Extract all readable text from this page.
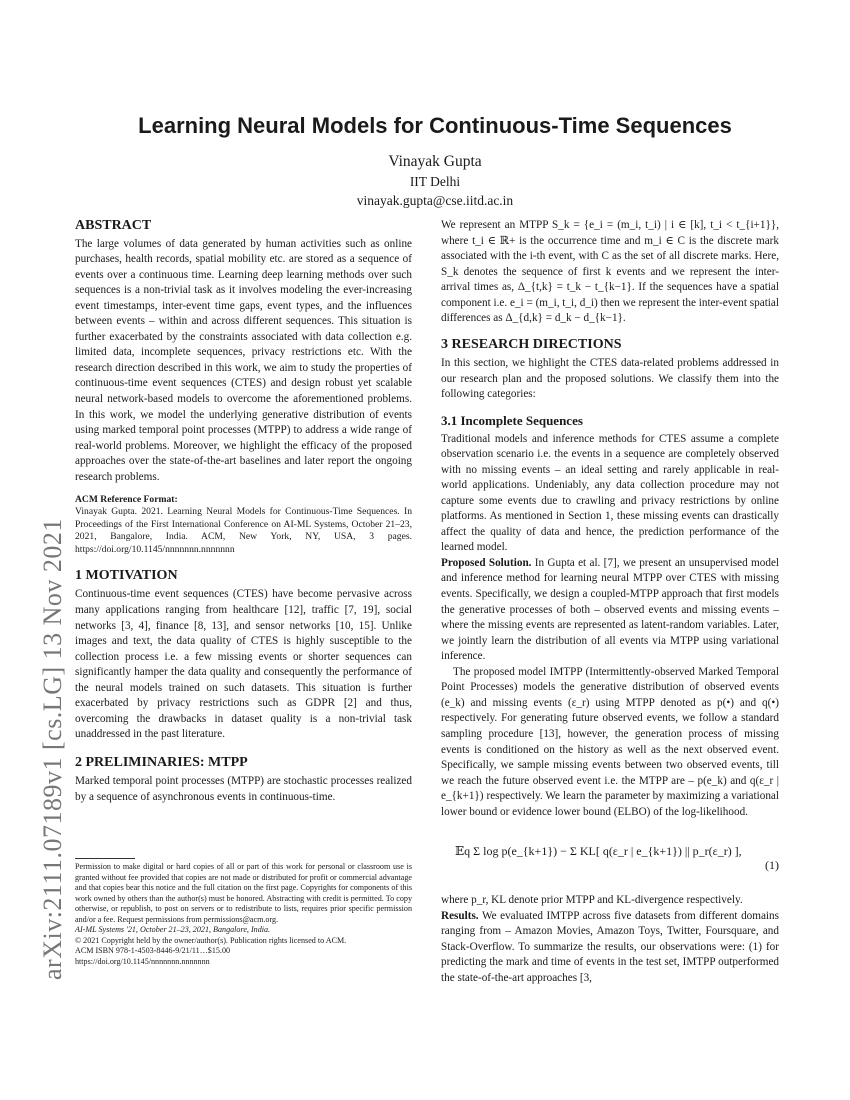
arXiv:2111.07189v1 [cs.LG] 13 Nov 2021
Learning Neural Models for Continuous-Time Sequences
Vinayak Gupta
IIT Delhi
vinayak.gupta@cse.iitd.ac.in
ABSTRACT

The large volumes of data generated by human activities such as online purchases, health records, spatial mobility etc. are stored as a sequence of events over a continuous time. Learning deep learning methods over such sequences is a non-trivial task as it involves modeling the ever-increasing event timestamps, inter-event time gaps, event types, and the influences between events – within and across different sequences. This situation is further exacerbated by the constraints associated with data collection e.g. limited data, incomplete sequences, privacy restrictions etc. With the research direction described in this work, we aim to study the properties of continuous-time event sequences (CTES) and design robust yet scalable neural network-based models to overcome the aforementioned problems. In this work, we model the underlying generative distribution of events using marked temporal point processes (MTPP) to address a wide range of real-world problems. Moreover, we highlight the efficacy of the proposed approaches over the state-of-the-art baselines and later report the ongoing research problems.

ACM Reference Format:

Vinayak Gupta. 2021. Learning Neural Models for Continuous-Time Sequences. In Proceedings of the First International Conference on AI-ML Systems, October 21–23, 2021, Bangalore, India. ACM, New York, NY, USA, 3 pages. https://doi.org/10.1145/nnnnnnn.nnnnnnn

1 MOTIVATION

Continuous-time event sequences (CTES) have become pervasive across many applications ranging from healthcare [12], traffic [7, 19], social networks [3, 4], finance [8, 13], and sensor networks [10, 15]. Unlike images and text, the data quality of CTES is highly susceptible to the collection process i.e. a few missing events or shorter sequences can significantly hamper the data quality and consequently the performance of the neural models trained on such datasets. This situation is further exacerbated by privacy restrictions such as GDPR [2] and thus, overcoming the drawbacks in dataset quality is a non-trivial task unaddressed in the past literature.

2 PRELIMINARIES: MTPP

Marked temporal point processes (MTPP) are stochastic processes realized by a sequence of asynchronous events in continuous-time.

Permission to make digital or hard copies of all or part of this work for personal or classroom use is granted without fee provided that copies are not made or distributed for profit or commercial advantage and that copies bear this notice and the full citation on the first page. Copyrights for components of this work owned by others than the author(s) must be honored. Abstracting with credit is permitted. To copy otherwise, or republish, to post on servers or to redistribute to lists, requires prior specific permission and/or a fee. Request permissions from permissions@acm.org.

AI-ML Systems '21, October 21–23, 2021, Bangalore, India.

© 2021 Copyright held by the owner/author(s). Publication rights licensed to ACM.

ACM ISBN 978-1-4503-8446-9/21/11…$15.00

https://doi.org/10.1145/nnnnnnn.nnnnnnn

We represent an MTPP S_k = {e_i = (m_i, t_i) | i ∈ [k], t_i < t_{i+1}}, where t_i ∈ ℝ+ is the occurrence time and m_i ∈ C is the discrete mark associated with the i-th event, with C as the set of all discrete marks. Here, S_k denotes the sequence of first k events and we represent the inter-arrival times as, Δ_{t,k} = t_k − t_{k−1}. If the sequences have a spatial component i.e. e_i = (m_i, t_i, d_i) then we represent the inter-event spatial differences as Δ_{d,k} = d_k − d_{k−1}.

3 RESEARCH DIRECTIONS

In this section, we highlight the CTES data-related problems addressed in our research plan and the proposed solutions. We classify them into the following categories:

3.1 Incomplete Sequences

Traditional models and inference methods for CTES assume a complete observation scenario i.e. the events in a sequence are completely observed with no missing events – an ideal setting and rarely applicable in real-world applications. Undeniably, any data collection procedure may not capture some events due to crawling and privacy restrictions by online platforms. As mentioned in Section 1, these missing events can drastically affect the quality of data and hence, the prediction performance of the learned model.

Proposed Solution. In Gupta et al. [7], we present an unsupervised model and inference method for learning neural MTPP over CTES with missing events. Specifically, we design a coupled-MTPP approach that first models the generative processes of both – observed events and missing events – where the missing events are represented as latent-random variables. Later, we jointly learn the distribution of all events via MTPP using variational inference.

The proposed model IMTPP (Intermittently-observed Marked Temporal Point Processes) models the generative distribution of observed events (e_k) and missing events (ε_r) using MTPP denoted as p(•) and q(•) respectively. For generating future observed events, we follow a standard sampling procedure [13], however, the generation process of missing events is conditioned on the history as well as the next observed event. Specifically, we sample missing events between two observed events, till we reach the future observed event i.e. the MTPP are – p(e_k) and q(ε_r | e_{k+1}) respectively. We learn the parameter by maximizing a variational lower bound or evidence lower bound (ELBO) of the log-likelihood.

𝔼q Σ log p(e_{k+1}) − Σ KL[ q(ε_r | e_{k+1}) || p_r(ε_r) ],
(1)

where p_r, KL denote prior MTPP and KL-divergence respectively.

Results. We evaluated IMTPP across five datasets from different domains ranging from – Amazon Movies, Amazon Toys, Twitter, Foursquare, and Stack-Overflow. To summarize the results, our observations were: (1) for predicting the mark and time of events in the test set, IMTPP outperformed the state-of-the-art approaches [3,
